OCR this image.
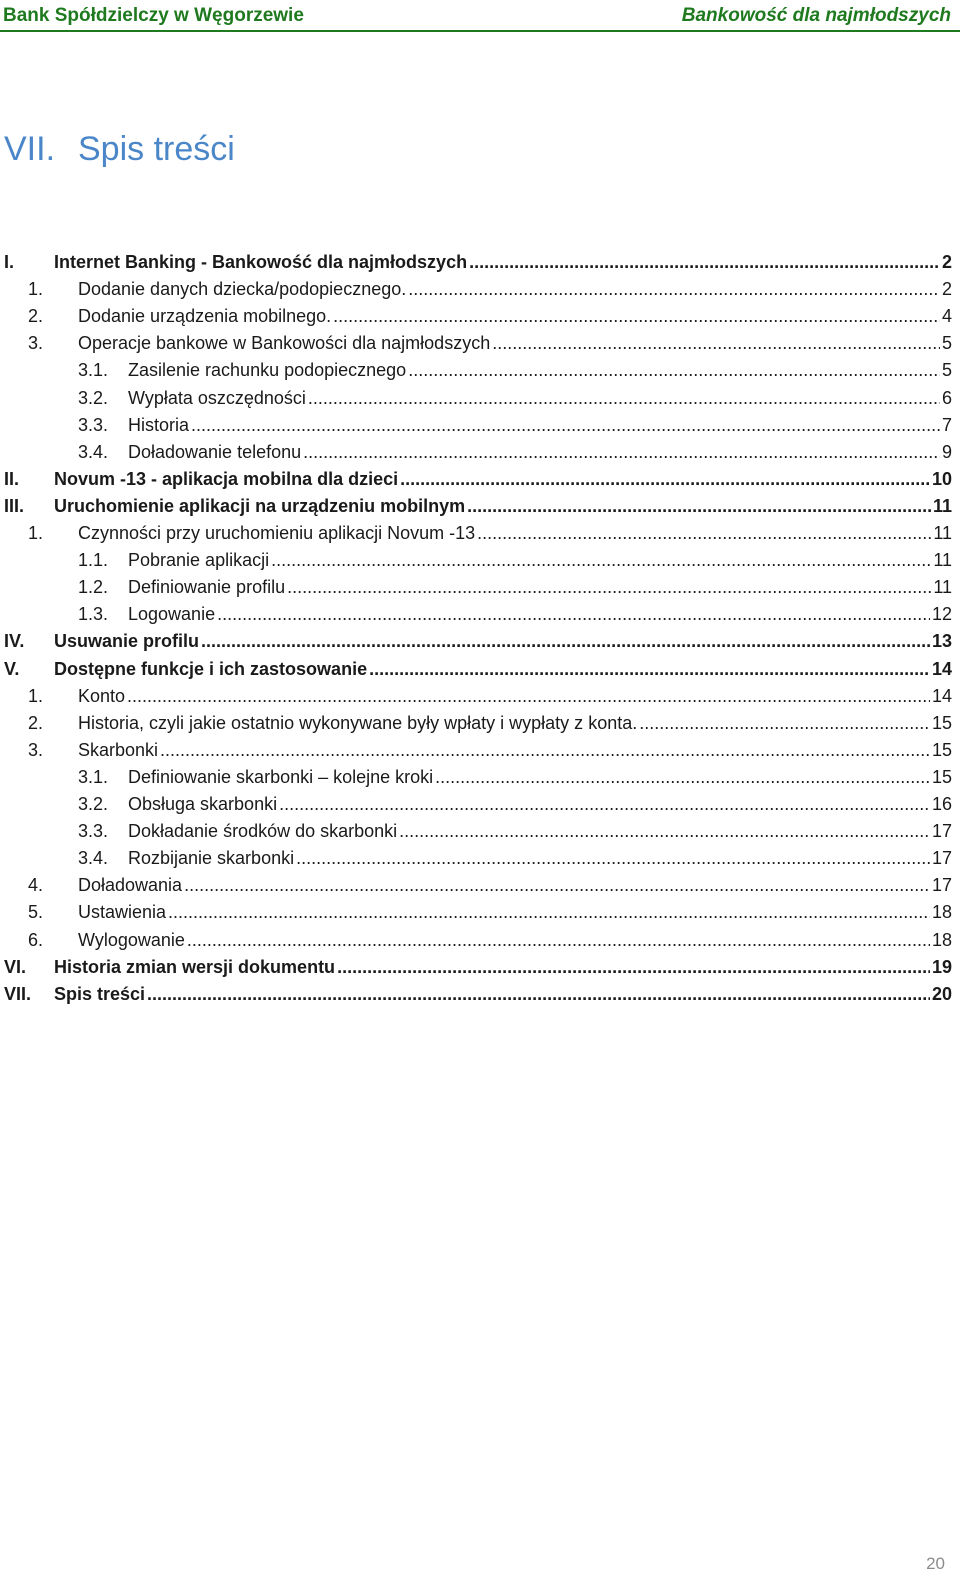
Bank Spółdzielczy w Węgorzewie	Bankowość dla najmłodszych
VII. Spis treści
I.	Internet Banking - Bankowość dla najmłodszych .....	2
1.	Dodanie danych dziecka/podopiecznego. .....	2
2.	Dodanie urządzenia mobilnego. .....	4
3.	Operacje bankowe w Bankowości dla najmłodszych .....	5
3.1.	Zasilenie rachunku podopiecznego .....	5
3.2.	Wypłata oszczędności .....	6
3.3.	Historia .....	7
3.4.	Doładowanie telefonu .....	9
II.	Novum -13 - aplikacja mobilna dla dzieci .....	10
III.	Uruchomienie aplikacji na urządzeniu mobilnym .....	11
1.	Czynności przy uruchomieniu aplikacji Novum -13 .....	11
1.1.	Pobranie aplikacji .....	11
1.2.	Definiowanie profilu .....	11
1.3.	Logowanie .....	12
IV.	Usuwanie profilu .....	13
V.	Dostępne funkcje i ich zastosowanie .....	14
1.	Konto .....	14
2.	Historia, czyli jakie ostatnio wykonywane były wpłaty i wypłaty z konta. .....	15
3.	Skarbonki .....	15
3.1.	Definiowanie skarbonki – kolejne kroki .....	15
3.2.	Obsługa skarbonki .....	16
3.3.	Dokładanie środków do skarbonki .....	17
3.4.	Rozbijanie skarbonki .....	17
4.	Doładowania .....	17
5.	Ustawienia .....	18
6.	Wylogowanie .....	18
VI.	Historia zmian wersji dokumentu .....	19
VII.	Spis treści .....	20
20
